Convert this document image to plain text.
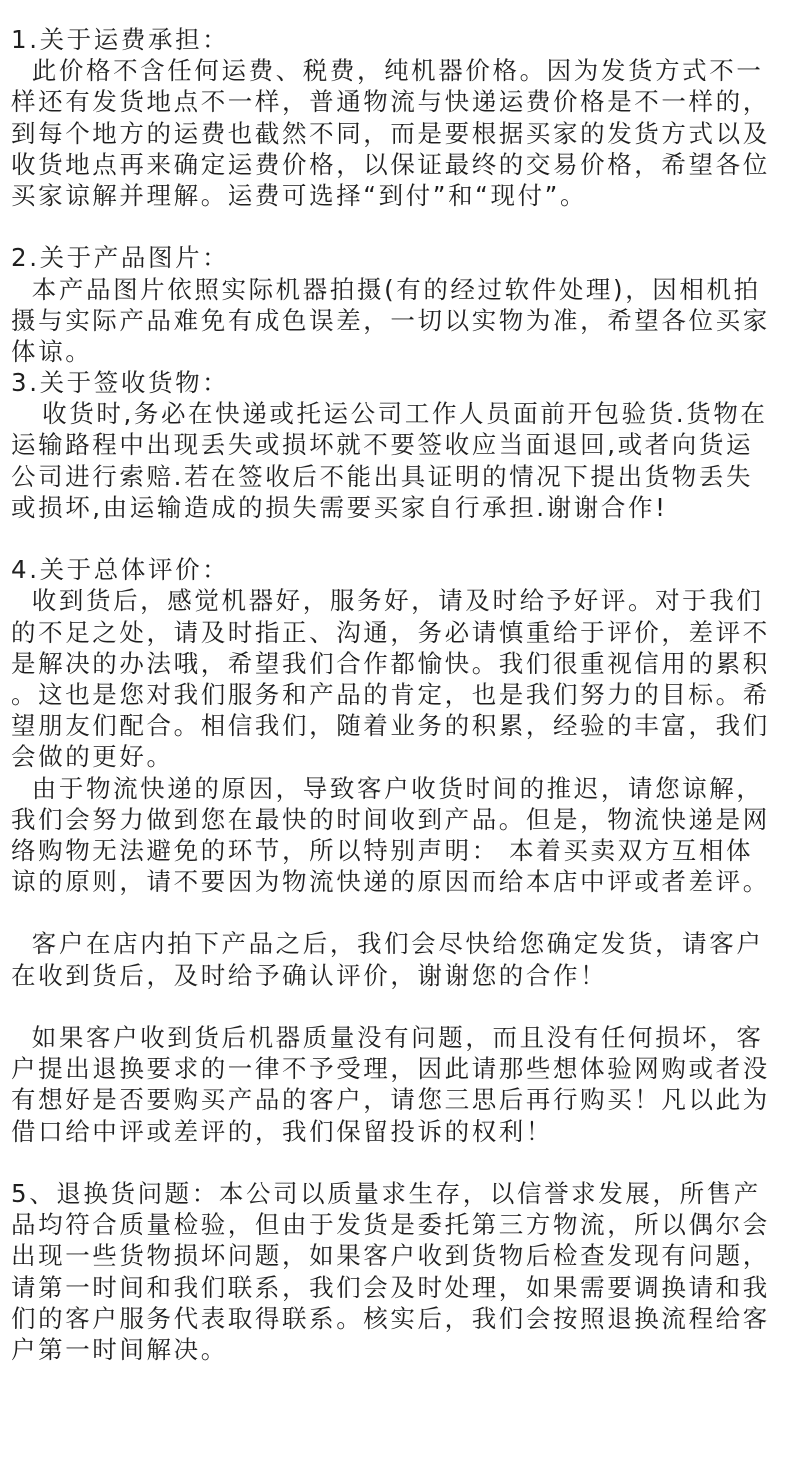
1.关于运费承担：
此价格不含任何运费、税费，纯机器价格。因为发货方式不一
样还有发货地点不一样，普通物流与快递运费价格是不一样的，
到每个地方的运费也截然不同，而是要根据买家的发货方式以及
收货地点再来确定运费价格，以保证最终的交易价格，希望各位
买家谅解并理解。运费可选择“到付”和“现付”。
2.关于产品图片：
本产品图片依照实际机器拍摄(有的经过软件处理)，因相机拍
摄与实际产品难免有成色误差，一切以实物为准，希望各位买家
体谅。
3.关于签收货物：
收货时,务必在快递或托运公司工作人员面前开包验货.货物在
运输路程中出现丢失或损坏就不要签收应当面退回,或者向货运
公司进行索赔.若在签收后不能出具证明的情况下提出货物丢失
或损坏,由运输造成的损失需要买家自行承担.谢谢合作!
4.关于总体评价：
收到货后，感觉机器好，服务好，请及时给予好评。对于我们
的不足之处，请及时指正、沟通，务必请慎重给于评价，差评不
是解决的办法哦，希望我们合作都愉快。我们很重视信用的累积
。这也是您对我们服务和产品的肯定，也是我们努力的目标。希
望朋友们配合。相信我们，随着业务的积累，经验的丰富，我们
会做的更好。
由于物流快递的原因，导致客户收货时间的推迟，请您谅解，
我们会努力做到您在最快的时间收到产品。但是，物流快递是网
络购物无法避免的环节，所以特别声明： 本着买卖双方互相体
谅的原则，请不要因为物流快递的原因而给本店中评或者差评。
客户在店内拍下产品之后，我们会尽快给您确定发货，请客户
在收到货后，及时给予确认评价，谢谢您的合作！
如果客户收到货后机器质量没有问题，而且没有任何损坏，客
户提出退换要求的一律不予受理，因此请那些想体验网购或者没
有想好是否要购买产品的客户，请您三思后再行购买！凡以此为
借口给中评或差评的，我们保留投诉的权利！
5、退换货问题：本公司以质量求生存，以信誉求发展，所售产
品均符合质量检验，但由于发货是委托第三方物流，所以偶尔会
出现一些货物损坏问题，如果客户收到货物后检查发现有问题，
请第一时间和我们联系，我们会及时处理，如果需要调换请和我
们的客户服务代表取得联系。核实后，我们会按照退换流程给客
户第一时间解决。
